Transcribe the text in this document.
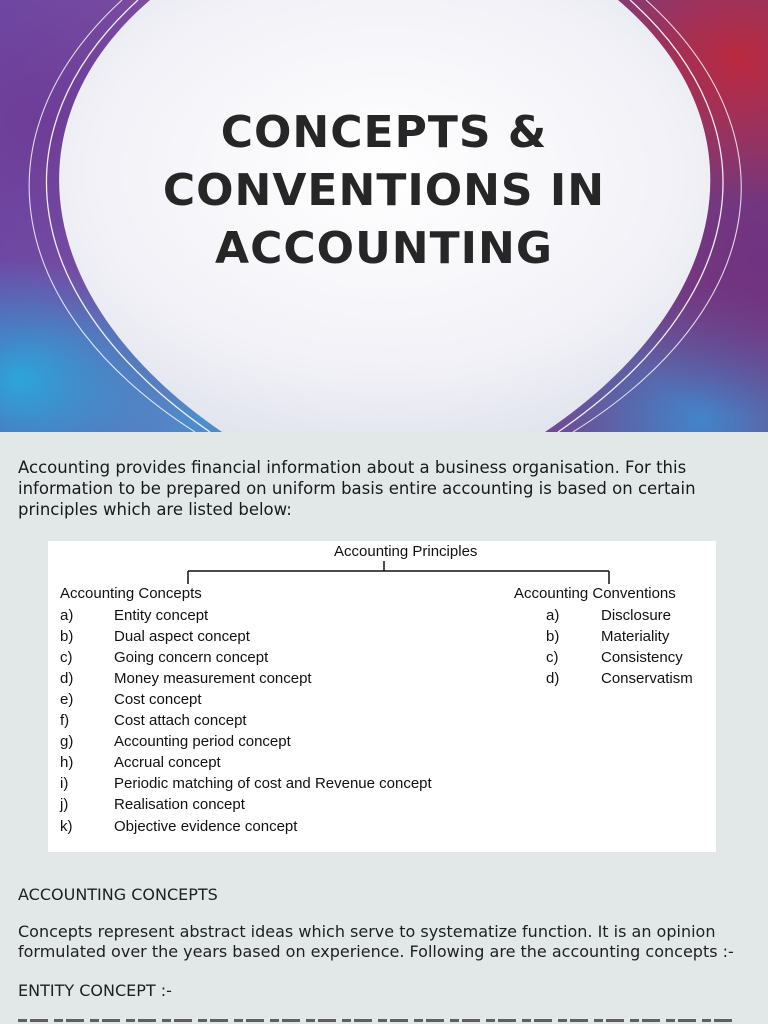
CONCEPTS &
CONVENTIONS IN
ACCOUNTING
Accounting provides financial information about a business organisation. For this information to be prepared on uniform basis entire accounting is based on certain principles which are listed below:
Accounting Principles
Accounting Concepts	Accounting Conventions
a)	Entity concept
b)	Dual aspect concept
c)	Going concern concept
d)	Money measurement concept
e)	Cost concept
f)	Cost attach concept
g)	Accounting period concept
h)	Accrual concept
i)	Periodic matching of cost and Revenue concept
j)	Realisation concept
k)	Objective evidence concept
a)	Disclosure
b)	Materiality
c)	Consistency
d)	Conservatism
ACCOUNTING CONCEPTS
Concepts represent abstract ideas which serve to systematize function. It is an opinion formulated over the years based on experience. Following are the accounting concepts :-
ENTITY CONCEPT :-
